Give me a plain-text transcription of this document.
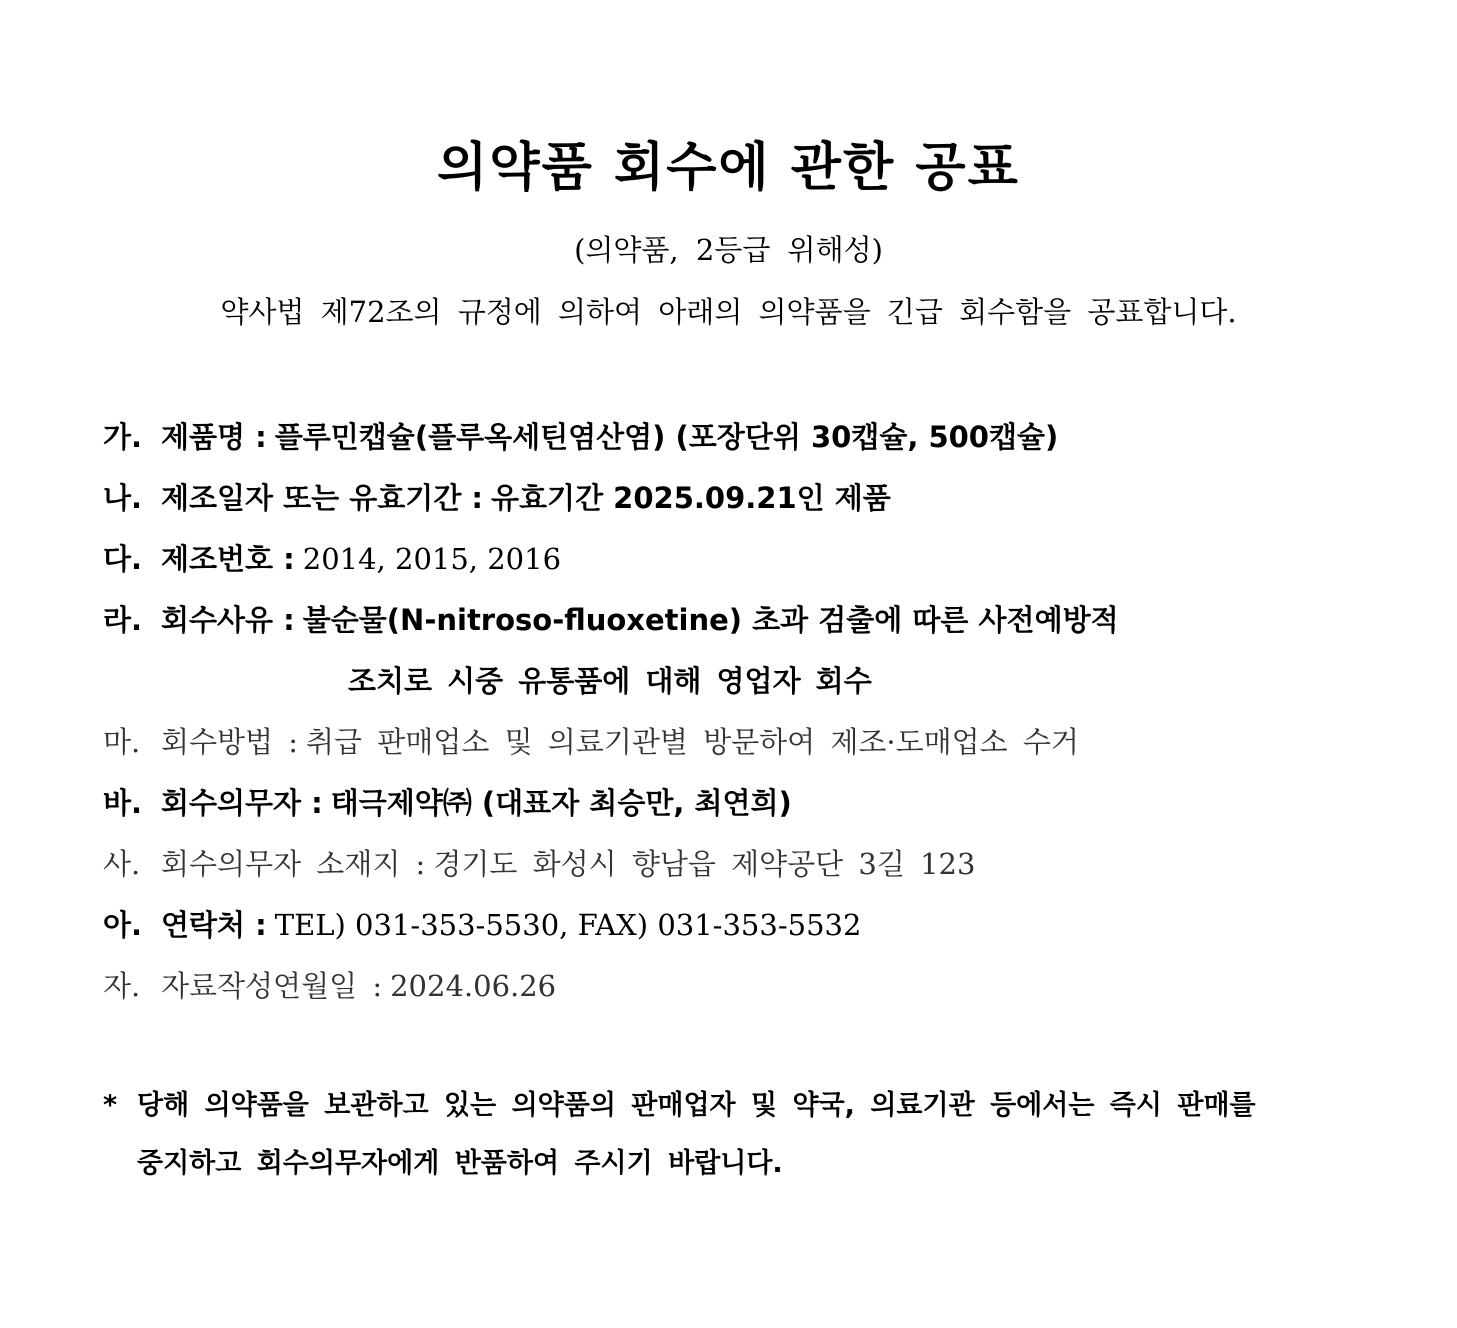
의약품 회수에 관한 공표
(의약품, 2등급 위해성)
약사법 제72조의 규정에 의하여 아래의 의약품을 긴급 회수함을 공표합니다.
가. 제품명 : 플루민캡슐(플루옥세틴염산염) (포장단위 30캡슐, 500캡슐)
나. 제조일자 또는 유효기간 : 유효기간 2025.09.21인 제품
다. 제조번호 : 2014, 2015, 2016
라. 회수사유 : 불순물(N-nitroso-fluoxetine) 초과 검출에 따른 사전예방적
조치로 시중 유통품에 대해 영업자 회수
마. 회수방법 : 취급 판매업소 및 의료기관별 방문하여 제조·도매업소 수거
바. 회수의무자 : 태극제약㈜ (대표자 최승만, 최연희)
사. 회수의무자 소재지 : 경기도 화성시 향남읍 제약공단 3길 123
아. 연락처 : TEL) 031-353-5530, FAX) 031-353-5532
자. 자료작성연월일 : 2024.06.26
* 당해 의약품을 보관하고 있는 의약품의 판매업자 및 약국, 의료기관 등에서는 즉시 판매를
중지하고 회수의무자에게 반품하여 주시기 바랍니다.
